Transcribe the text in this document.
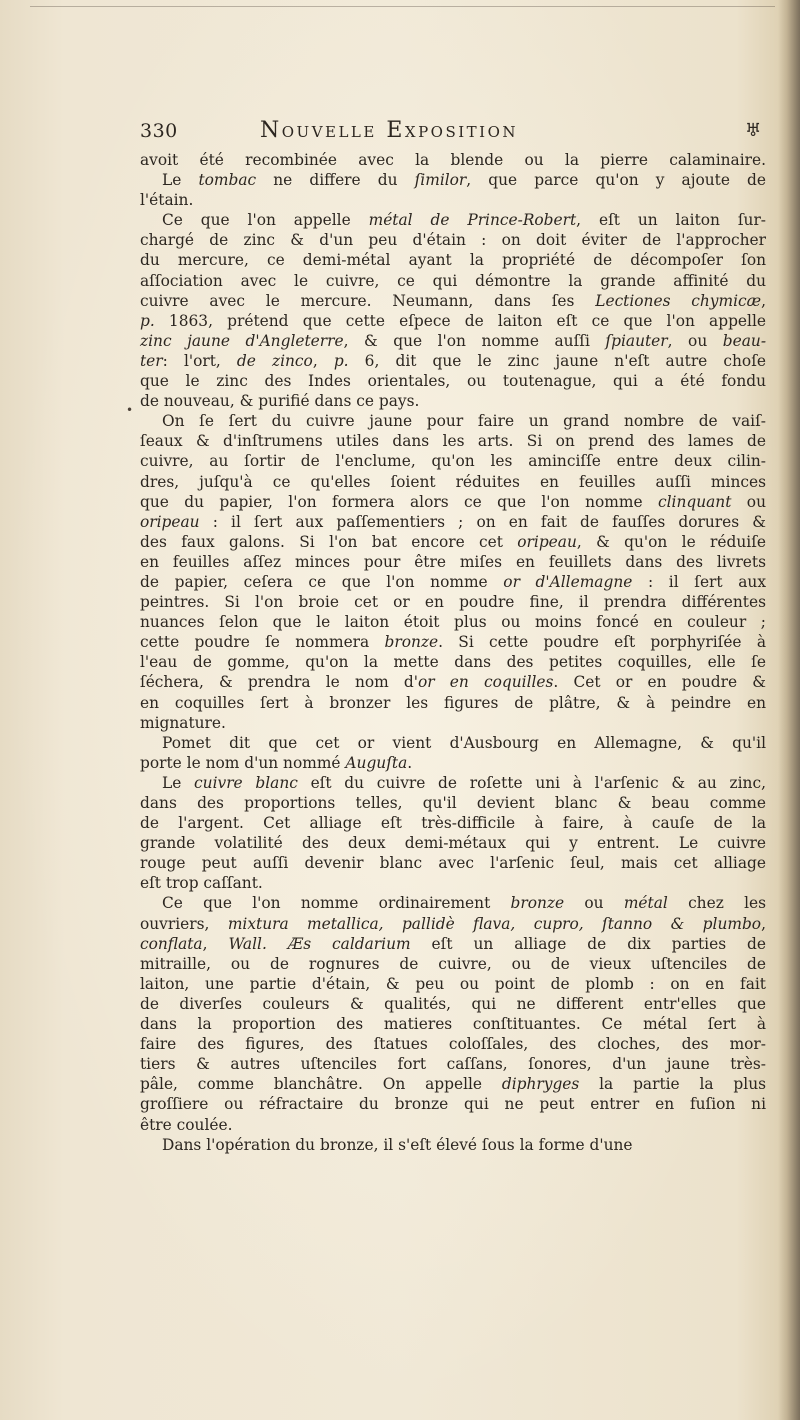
330	Nouvelle Exposition	♅
•
avoit été recombinée avec la blende ou la pierre calaminaire.
Le tombac ne differe du ſimilor, que parce qu'on y ajoute de
l'étain.
Ce que l'on appelle métal de Prince-Robert, eſt un laiton ſur-
chargé de zinc & d'un peu d'étain : on doit éviter de l'approcher
du mercure, ce demi-métal ayant la propriété de décompoſer ſon
aſſociation avec le cuivre, ce qui démontre la grande affinité du
cuivre avec le mercure. Neumann, dans ſes Lectiones chymicæ,
p. 1863, prétend que cette eſpece de laiton eſt ce que l'on appelle
zinc jaune d'Angleterre, & que l'on nomme auſſi ſpiauter, ou beau-
ter: l'ort, de zinco, p. 6, dit que le zinc jaune n'eſt autre choſe
que le zinc des Indes orientales, ou toutenague, qui a été fondu
de nouveau, & purifié dans ce pays.
On ſe ſert du cuivre jaune pour faire un grand nombre de vaiſ-
ſeaux & d'inſtrumens utiles dans les arts. Si on prend des lames de
cuivre, au ſortir de l'enclume, qu'on les aminciſſe entre deux cilin-
dres, juſqu'à ce qu'elles ſoient réduites en feuilles auſſi minces
que du papier, l'on formera alors ce que l'on nomme clinquant ou
oripeau : il ſert aux paſſementiers ; on en fait de fauſſes dorures &
des faux galons. Si l'on bat encore cet oripeau, & qu'on le réduiſe
en feuilles aſſez minces pour être miſes en feuillets dans des livrets
de papier, ceſera ce que l'on nomme or d'Allemagne : il ſert aux
peintres. Si l'on broie cet or en poudre fine, il prendra différentes
nuances ſelon que le laiton étoit plus ou moins foncé en couleur ;
cette poudre ſe nommera bronze. Si cette poudre eſt porphyriſée à
l'eau de gomme, qu'on la mette dans des petites coquilles, elle ſe
ſéchera, & prendra le nom d'or en coquilles. Cet or en poudre &
en coquilles ſert à bronzer les figures de plâtre, & à peindre en
mignature.
Pomet dit que cet or vient d'Ausbourg en Allemagne, & qu'il
porte le nom d'un nommé Auguſta.
Le cuivre blanc eſt du cuivre de roſette uni à l'arſenic & au zinc,
dans des proportions telles, qu'il devient blanc & beau comme
de l'argent. Cet alliage eſt très-difficile à faire, à cauſe de la
grande volatilité des deux demi-métaux qui y entrent. Le cuivre
rouge peut auſſi devenir blanc avec l'arſenic ſeul, mais cet alliage
eſt trop caſſant.
Ce que l'on nomme ordinairement bronze ou métal chez les
ouvriers, mixtura metallica, pallidè flava, cupro, ſtanno & plumbo,
conflata, Wall. Æs caldarium eſt un alliage de dix parties de
mitraille, ou de rognures de cuivre, ou de vieux uſtenciles de
laiton, une partie d'étain, & peu ou point de plomb : on en fait
de diverſes couleurs & qualités, qui ne different entr'elles que
dans la proportion des matieres conſtituantes. Ce métal ſert à
faire des figures, des ſtatues coloſſales, des cloches, des mor-
tiers & autres uſtenciles fort caſſans, ſonores, d'un jaune très-
pâle, comme blanchâtre. On appelle diphryges la partie la plus
groſſiere ou réfractaire du bronze qui ne peut entrer en fuſion ni
être coulée.
Dans l'opération du bronze, il s'eſt élevé ſous la forme d'une
